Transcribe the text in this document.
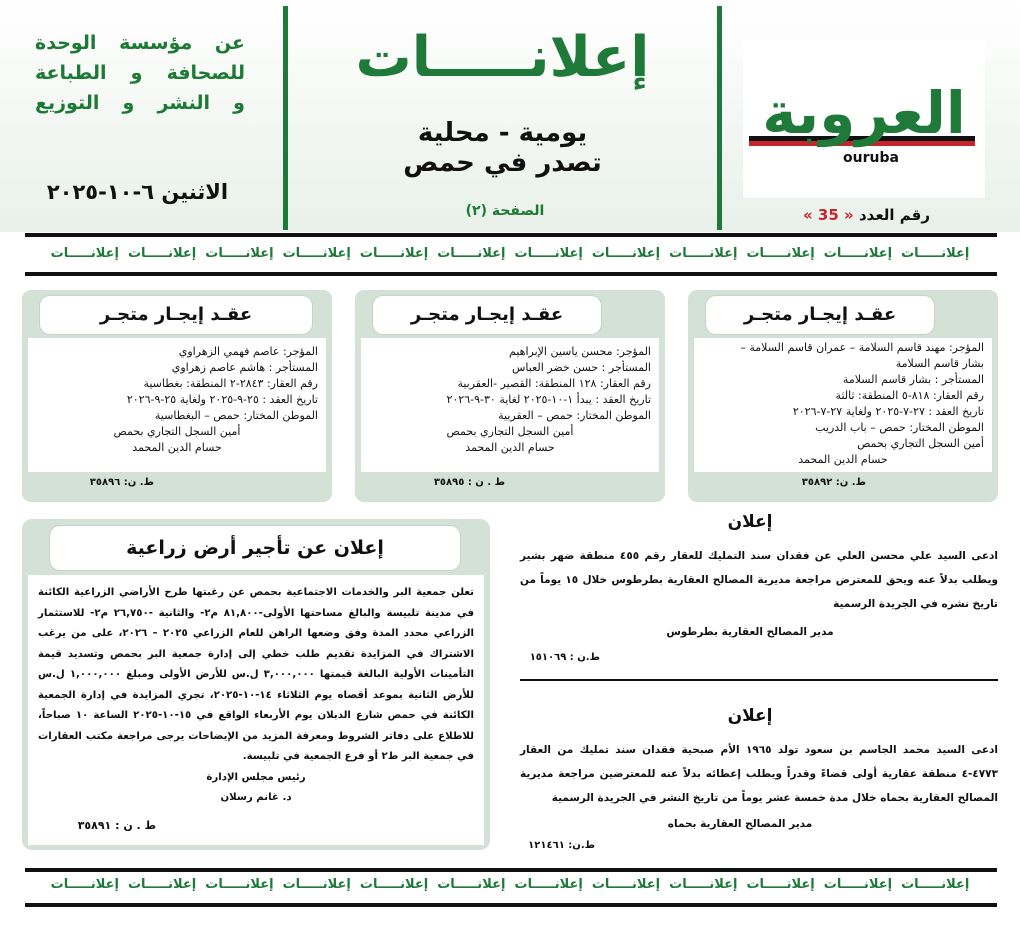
عن مؤسسة الوحدة
للصحافة و الطباعة
و النشر و التوزيع
الاثنين ٦-١٠-٢٠٢٥
إعلانـــــات
يومية - محلية
تصدر في حمص
الصفحة (٢)
العروبة
ouruba
رقم العدد « 35 »
إعلانـــــات  إعلانـــــات  إعلانـــــات  إعلانـــــات  إعلانـــــات  إعلانـــــات  إعلانـــــات  إعلانـــــات  إعلانـــــات  إعلانـــــات  إعلانـــــات  إعلانـــــات
عقـد إيجـار متجـر
المؤجر: مهند قاسم السلامة – عمران قاسم السلامة –
بشار قاسم السلامة
المستأجر : بشار قاسم السلامة
رقم العقار: ٨١٨-٥ المنطقة: ثالثة
تاريخ العقد : ٢٧-٧-٢٠٢٥ ولغاية ٢٧-٧-٢٠٢٦
الموطن المختار: حمص – باب الدريب
أمين السجل التجاري بحمص
حسام الدين المحمد
ط. ن: ٣٥٨٩٢
عقـد إيجـار متجـر
المؤجر: محسن ياسين الإبراهيم
المستأجر : حسن خضر العباس
رقم العقار: ١٢٨ المنطقة: القصير -العقربية
تاريخ العقد : يبدأ ١-١٠-٢٠٢٥ لغاية ٣٠-٩-٢٠٢٦
الموطن المختار: حمص – العقربية
أمين السجل التجاري بحمص
حسام الدين المحمد
ط . ن : ٣٥٨٩٥
عقـد إيجـار متجـر
المؤجر: عاصم فهمي الزهراوي
المستأجر : هاشم عاصم زهراوي
رقم العقار: ٢٨٤٣-٢ المنطقة: بغطاسية
تاريخ العقد : ٢٥-٩-٢٠٢٥ ولغاية ٢٥-٩-٢٠٢٦
الموطن المختار: حمص – البغطاسية
أمين السجل التجاري بحمص
حسام الدين المحمد
ط. ن: ٣٥٨٩٦
إعلان
ادعى السيد علي محسن العلي عن فقدان سند التمليك للعقار رقم ٤٥٥ منطقة ضهر بشير ويطلب بدلاً عنه ويحق للمعترض مراجعة مديرية المصالح العقارية بطرطوس خلال ١٥ يوماً من تاريخ نشره في الجريدة الرسمية
مدير المصالح العقارية بطرطوس
ط.ن : ١٥١٠٦٩
إعلان
ادعى السيد محمد الجاسم بن سعود تولد ١٩٦٥ الأم صبحية فقدان سند تمليك من العقار ٤٧٧٣-٤ منطقة عقارية أولى قضاءً وقدراً ويطلب إعطائه بدلاً عنه للمعترضين مراجعة مديرية المصالح العقارية بحماه خلال مدة خمسة عشر يوماً من تاريخ النشر في الجريدة الرسمية
مدير المصالح العقارية بحماه
ط.ن: ١٢١٤٦١
إعلان عن تأجير أرض زراعية
تعلن جمعية البر والخدمات الاجتماعية بحمص عن رغبتها طرح الأراضي الزراعية الكائنة في مدينة تلبيسة والبالغ مساحتها الأولى-٨١,٨٠٠ م٢- والثانية -٢٦,٧٥٠ م٢- للاستثمار الزراعي محدد المدة وفق وضعها الراهن للعام الزراعي ٢٠٢٥ – ٢٠٢٦، على من يرغب الاشتراك في المزايدة تقديم طلب خطي إلى إدارة جمعية البر بحمص وتسديد قيمة التأمينات الأولية البالغة قيمتها ٣,٠٠٠,٠٠٠ ل.س للأرض الأولى ومبلغ ١,٠٠٠,٠٠٠ ل.س للأرض الثانية بموعد أقصاه يوم الثلاثاء ١٤-١٠-٢٠٢٥، تجري المزايدة في إدارة الجمعية الكائنة في حمص شارع الدبلان يوم الأربعاء الواقع في ١٥-١٠-٢٠٢٥ الساعة ١٠ صباحاً، للاطلاع على دفاتر الشروط ومعرفة المزيد من الإيضاحات يرجى مراجعة مكتب العقارات في جمعية البر ط٢ أو فرع الجمعية في تلبيسة.
رئيس مجلس الإدارة
د. غانم رسلان
ط . ن : ٣٥٨٩١
إعلانـــــات  إعلانـــــات  إعلانـــــات  إعلانـــــات  إعلانـــــات  إعلانـــــات  إعلانـــــات  إعلانـــــات  إعلانـــــات  إعلانـــــات  إعلانـــــات  إعلانـــــات
